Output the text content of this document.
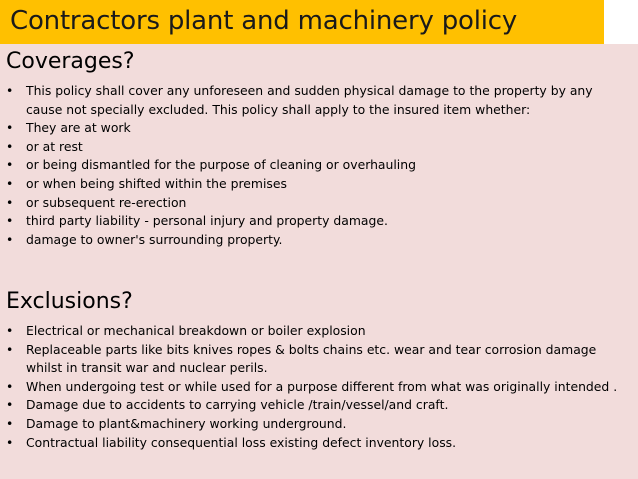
Contractors plant and machinery policy
Coverages?
•	This policy shall cover any unforeseen and sudden physical damage to the property by any cause not specially excluded. This policy shall apply to the insured item whether:
•	They are at work
•	or at rest
•	or being dismantled for the purpose of cleaning or overhauling
•	or when being shifted within the premises
•	or subsequent re-erection
•	third party liability - personal injury and property damage.
•	damage to owner's surrounding property.
Exclusions?
•	Electrical or mechanical breakdown or boiler explosion
•	Replaceable parts like bits knives ropes & bolts chains etc. wear and tear corrosion damage whilst in transit war and nuclear perils.
•	When undergoing test or while used for a purpose different from what was originally intended .
•	Damage due to accidents to carrying vehicle /train/vessel/and craft.
•	Damage to plant&machinery working underground.
•	Contractual liability consequential loss existing defect inventory loss.
